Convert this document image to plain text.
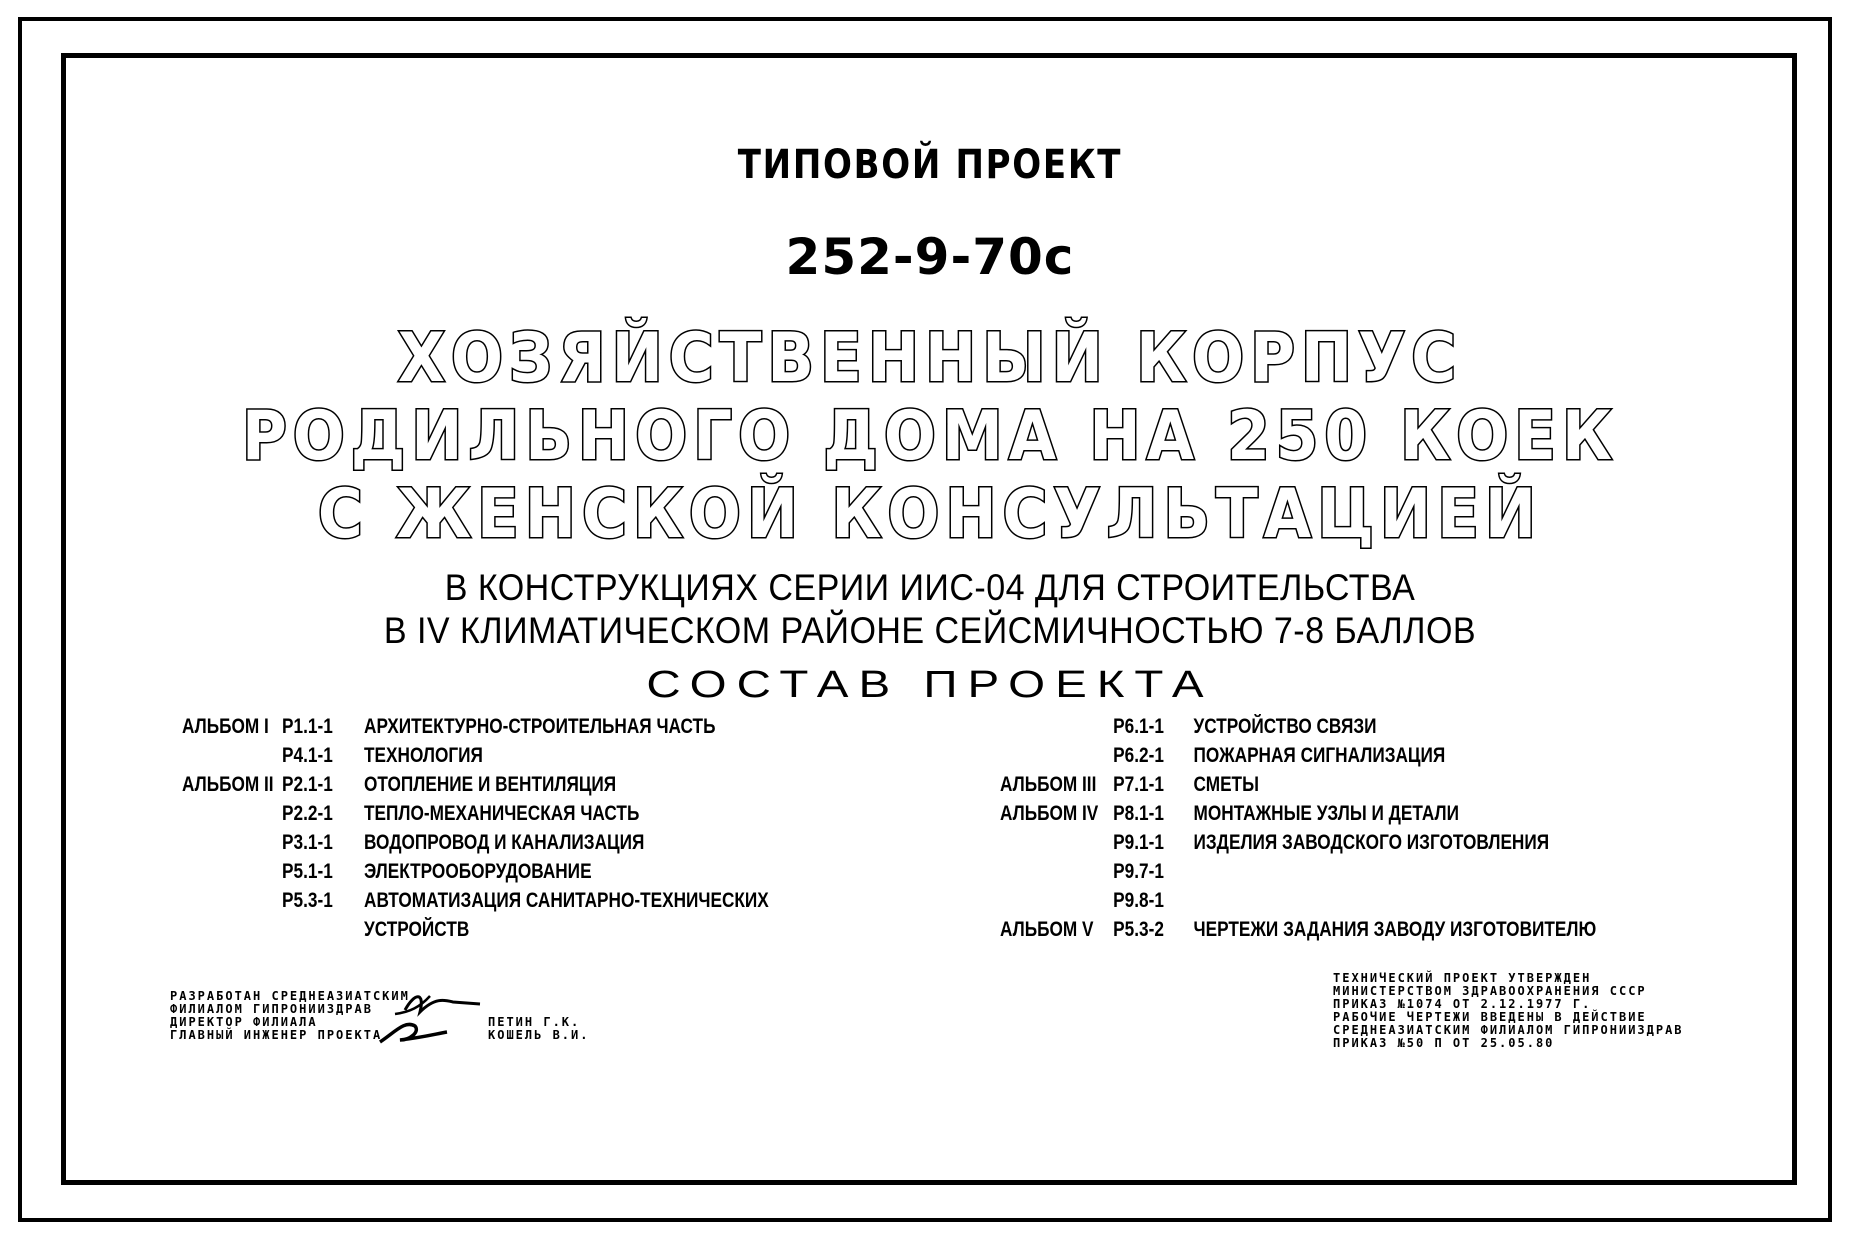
ТИПОВОЙ ПРОЕКТ
252-9-70с
ХОЗЯЙСТВЕННЫЙ КОРПУС
РОДИЛЬНОГО ДОМА НА 250 КОЕК
С ЖЕНСКОЙ КОНСУЛЬТАЦИЕЙ
В КОНСТРУКЦИЯХ СЕРИИ ИИС-04 ДЛЯ СТРОИТЕЛЬСТВА
В IV КЛИМАТИЧЕСКОМ РАЙОНЕ СЕЙСМИЧНОСТЬЮ 7-8 БАЛЛОВ
СОСТАВ ПРОЕКТА
АЛЬБОМ I Р1.1-1 АРХИТЕКТУРНО-СТРОИТЕЛЬНАЯ ЧАСТЬ
Р4.1-1 ТЕХНОЛОГИЯ
АЛЬБОМ II Р2.1-1 ОТОПЛЕНИЕ И ВЕНТИЛЯЦИЯ
Р2.2-1 ТЕПЛО-МЕХАНИЧЕСКАЯ ЧАСТЬ
Р3.1-1 ВОДОПРОВОД И КАНАЛИЗАЦИЯ
Р5.1-1 ЭЛЕКТРООБОРУДОВАНИЕ
Р5.3-1 АВТОМАТИЗАЦИЯ САНИТАРНО-ТЕХНИЧЕСКИХ
УСТРОЙСТВ
Р6.1-1 УСТРОЙСТВО СВЯЗИ
Р6.2-1 ПОЖАРНАЯ СИГНАЛИЗАЦИЯ
АЛЬБОМ III Р7.1-1 СМЕТЫ
АЛЬБОМ IV Р8.1-1 МОНТАЖНЫЕ УЗЛЫ И ДЕТАЛИ
Р9.1-1 ИЗДЕЛИЯ ЗАВОДСКОГО ИЗГОТОВЛЕНИЯ
Р9.7-1
Р9.8-1
АЛЬБОМ V Р5.3-2 ЧЕРТЕЖИ ЗАДАНИЯ ЗАВОДУ ИЗГОТОВИТЕЛЮ
РАЗРАБОТАН СРЕДНЕАЗИАТСКИМ
ФИЛИАЛОМ ГИПРОНИИЗДРАВ
ДИРЕКТОР ФИЛИАЛА	ПЕТИН Г.К.
ГЛАВНЫЙ ИНЖЕНЕР ПРОЕКТА	КОШЕЛЬ В.И.
ТЕХНИЧЕСКИЙ ПРОЕКТ УТВЕРЖДЕН
МИНИСТЕРСТВОМ ЗДРАВООХРАНЕНИЯ СССР
ПРИКАЗ №1074 ОТ 2.12.1977 Г.
РАБОЧИЕ ЧЕРТЕЖИ ВВЕДЕНЫ В ДЕЙСТВИЕ
СРЕДНЕАЗИАТСКИМ ФИЛИАЛОМ ГИПРОНИИЗДРАВ
ПРИКАЗ №50 П ОТ 25.05.80
